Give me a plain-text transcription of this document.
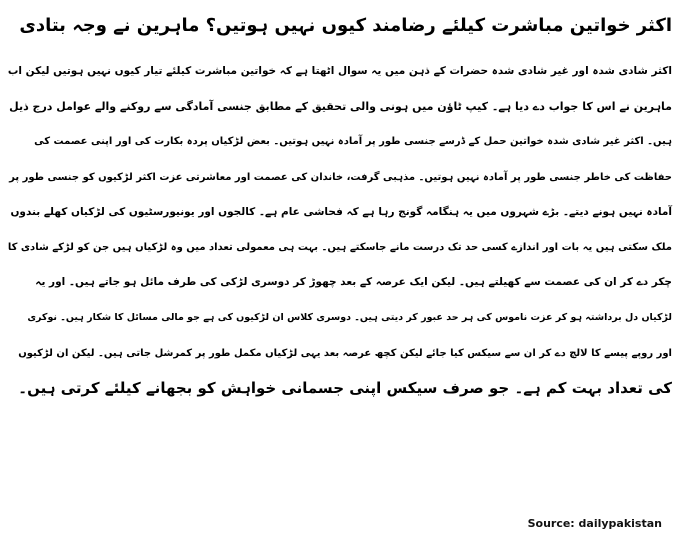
اکثر خواتین مباشرت کیلئے رضامند کیوں نہیں ہوتیں؟ ماہرین نے وجہ بتادی
اکثر شادی شدہ اور غیر شادی شدہ حضرات کے ذہن میں یہ سوال اٹھتا ہے کہ خواتین مباشرت کیلئے تیار کیوں نہیں ہوتیں لیکن اب
ماہرین نے اس کا جواب دے دیا ہے۔ کیپ ٹاؤن میں ہونی والی تحقیق کے مطابق جنسی آمادگی سے روکنے والے عوامل درج ذیل
ہیں۔ اکثر غیر شادی شدہ خواتین حمل کے ڈرسے جنسی طور پر آمادہ نہیں ہوتیں۔ بعض لڑکیاں پردہ بکارت کی اور اپنی عصمت کی
حفاظت کی خاطر جنسی طور پر آمادہ نہیں ہوتیں۔ مذہبی گرفت، خاندان کی عصمت اور معاشرتی عزت اکثر لڑکیوں کو جنسی طور پر
آمادہ نہیں ہونے دیتے۔ بڑے شہروں میں یہ ہنگامہ گونج رہا ہے کہ فحاشی عام ہے۔ کالجوں اور یونیورسٹیوں کی لڑکیاں کھلے بندوں
ملک سکتی ہیں یہ بات اور اندازے کسی حد تک درست مانے جاسکتے ہیں۔ بہت ہی معمولی تعداد میں وہ لڑکیاں ہیں جن کو لڑکے شادی کا
چکر دے کر ان کی عصمت سے کھیلتے ہیں۔ لیکن ایک عرصہ کے بعد چھوڑ کر دوسری لڑکی کی طرف مائل ہو جاتے ہیں۔ اور یہ
لڑکیاں دل برداشتہ ہو کر عزت ناموس کی ہر حد عبور کر دیتی ہیں۔ دوسری کلاس ان لڑکیوں کی ہے جو مالی مسائل کا شکار ہیں۔ نوکری
اور روپے پیسے کا لالچ دے کر ان سے سیکس کیا جائے لیکن کچھ عرصہ بعد یہی لڑکیاں مکمل طور پر کمرشل جاتی ہیں۔ لیکن ان لڑکیوں
کی تعداد بہت کم ہے۔ جو صرف سیکس اپنی جسمانی خواہش کو بجھانے کیلئے کرتی ہیں۔
Source: dailypakistan
